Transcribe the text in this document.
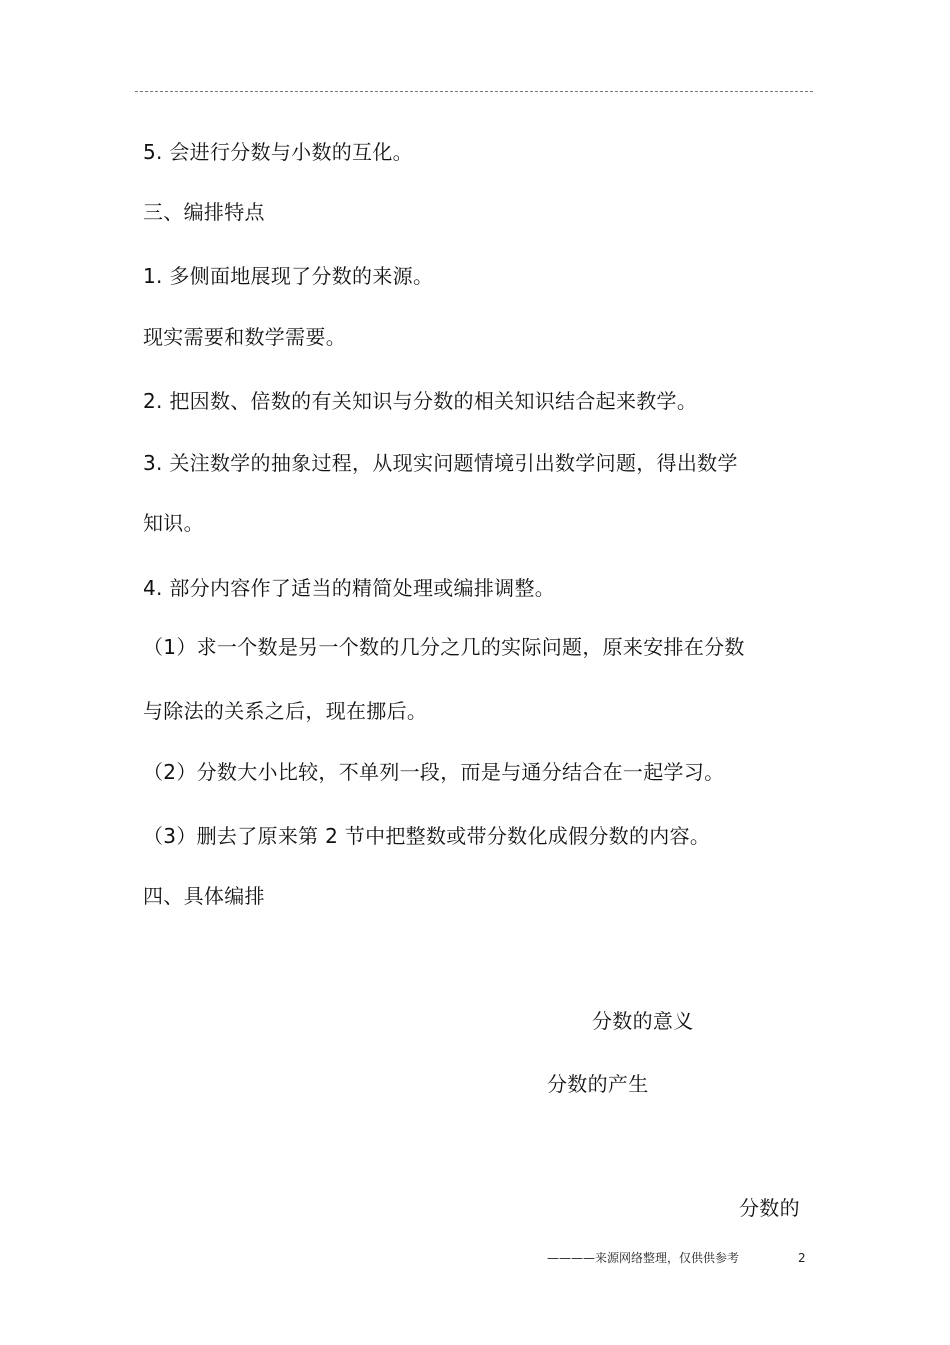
5. 会进行分数与小数的互化。
三、编排特点
1. 多侧面地展现了分数的来源。
现实需要和数学需要。
2. 把因数、倍数的有关知识与分数的相关知识结合起来教学。
3. 关注数学的抽象过程，从现实问题情境引出数学问题，得出数学
知识。
4. 部分内容作了适当的精简处理或编排调整。
（1）求一个数是另一个数的几分之几的实际问题，原来安排在分数
与除法的关系之后，现在挪后。
（2）分数大小比较，不单列一段，而是与通分结合在一起学习。
（3）删去了原来第 2 节中把整数或带分数化成假分数的内容。
四、具体编排
分数的意义
分数的产生
分数的
————来源网络整理，仅供供参考	2
